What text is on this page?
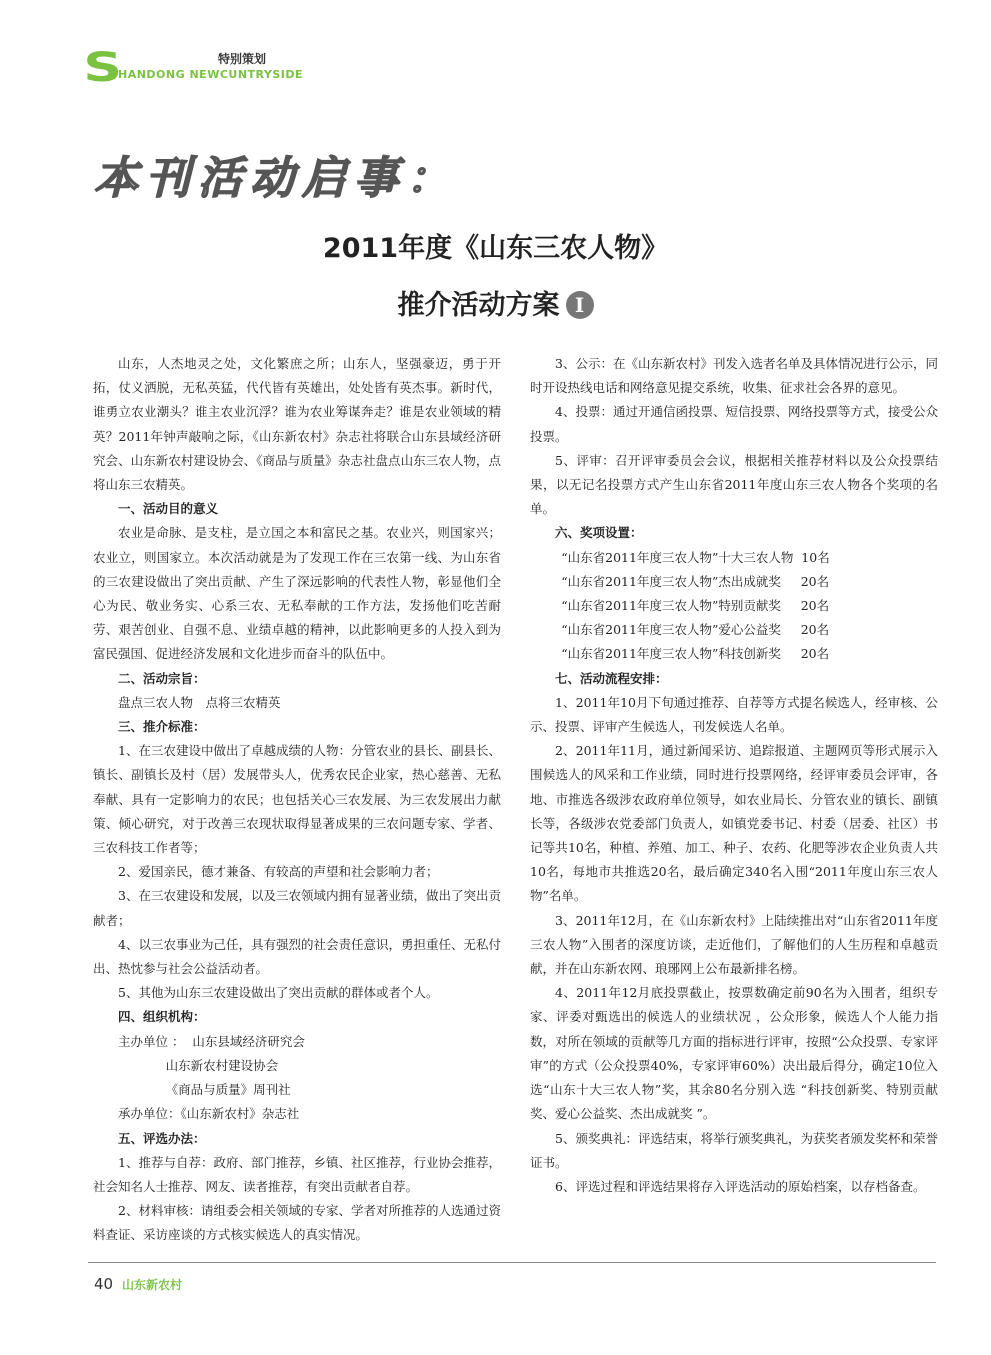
S	特别策划
HANDONG NEWCUNTRYSIDE
本刊活动启事：
2011年度《山东三农人物》
推介活动方案 Ⅰ

山东，人杰地灵之处，文化繁庶之所；山东人，坚强豪迈，勇于开拓，仗义洒脱，无私英猛，代代皆有英雄出，处处皆有英杰事。新时代，谁勇立农业潮头？谁主农业沉浮？谁为农业筹谋奔走？谁是农业领域的精英？2011年钟声敲响之际，《山东新农村》杂志社将联合山东县域经济研究会、山东新农村建设协会、《商品与质量》杂志社盘点山东三农人物，点将山东三农精英。

一、活动目的意义

农业是命脉、是支柱，是立国之本和富民之基。农业兴，则国家兴；农业立，则国家立。本次活动就是为了发现工作在三农第一线、为山东省的三农建设做出了突出贡献、产生了深远影响的代表性人物，彰显他们全心为民、敬业务实、心系三农、无私奉献的工作方法，发扬他们吃苦耐劳、艰苦创业、自强不息、业绩卓越的精神，以此影响更多的人投入到为富民强国、促进经济发展和文化进步而奋斗的队伍中。

二、活动宗旨：

盘点三农人物　点将三农精英

三、推介标准：

1、在三农建设中做出了卓越成绩的人物：分管农业的县长、副县长、镇长、副镇长及村（居）发展带头人，优秀农民企业家，热心慈善、无私奉献、具有一定影响力的农民；也包括关心三农发展、为三农发展出力献策、倾心研究，对于改善三农现状取得显著成果的三农问题专家、学者、三农科技工作者等；

2、爱国亲民，德才兼备、有较高的声望和社会影响力者；

3、在三农建设和发展，以及三农领域内拥有显著业绩，做出了突出贡献者；

4、以三农事业为己任，具有强烈的社会责任意识，勇担重任、无私付出、热忱参与社会公益活动者。

5、其他为山东三农建设做出了突出贡献的群体或者个人。

四、组织机构：

主办单位 ：  山东县域经济研究会

山东新农村建设协会

《商品与质量》周刊社

承办单位：《山东新农村》杂志社

五、评选办法：

1、推荐与自荐：政府、部门推荐，乡镇、社区推荐，行业协会推荐，社会知名人士推荐、网友、读者推荐，有突出贡献者自荐。

2、材料审核：请组委会相关领域的专家、学者对所推荐的人选通过资料查证、采访座谈的方式核实候选人的真实情况。

3、公示：在《山东新农村》刊发入选者名单及具体情况进行公示，同时开设热线电话和网络意见提交系统，收集、征求社会各界的意见。

4、投票：通过开通信函投票、短信投票、网络投票等方式，接受公众投票。

5、评审：召开评审委员会会议，根据相关推荐材料以及公众投票结果，以无记名投票方式产生山东省2011年度山东三农人物各个奖项的名单。

六、奖项设置：

“山东省2011年度三农人物”十大三农人物  10名

“山东省2011年度三农人物”杰出成就奖     20名

“山东省2011年度三农人物”特别贡献奖     20名

“山东省2011年度三农人物”爱心公益奖     20名

“山东省2011年度三农人物”科技创新奖     20名

七、活动流程安排：

1、2011年10月下旬通过推荐、自荐等方式提名候选人，经审核、公示、投票、评审产生候选人，刊发候选人名单。

2、2011年11月，通过新闻采访、追踪报道、主题网页等形式展示入围候选人的风采和工作业绩，同时进行投票网络，经评审委员会评审，各地、市推选各级涉农政府单位领导，如农业局长、分管农业的镇长、副镇长等，各级涉农党委部门负责人，如镇党委书记、村委（居委、社区）书记等共10名，种植、养殖、加工、种子、农药、化肥等涉农企业负责人共10名，每地市共推选20名，最后确定340名入围“2011年度山东三农人物”名单。

3、2011年12月，在《山东新农村》上陆续推出对“山东省2011年度三农人物”入围者的深度访谈，走近他们，了解他们的人生历程和卓越贡献，并在山东新农网、琅琊网上公布最新排名榜。

4、2011年12月底投票截止，按票数确定前90名为入围者，组织专家、评委对甄选出的候选人的业绩状况 ，公众形象，候选人个人能力指数，对所在领域的贡献等几方面的指标进行评审，按照“公众投票、专家评审”的方式（公众投票40%，专家评审60%）决出最后得分，确定10位入选“山东十大三农人物”奖，其余80名分别入选 “科技创新奖、特别贡献奖、爱心公益奖、杰出成就奖 ”。

5、颁奖典礼：评选结束，将举行颁奖典礼，为获奖者颁发奖杯和荣誉证书。

6、评选过程和评选结果将存入评选活动的原始档案，以存档备查。

40 山东新农村
